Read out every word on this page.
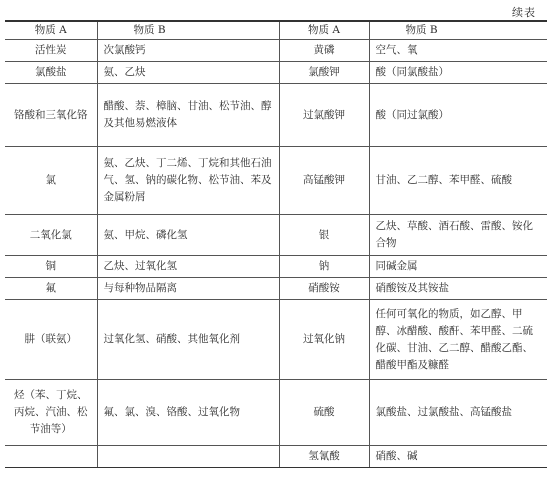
续表
物质 A	物质 B	物质 A	物质 B
活性炭	次氯酸钙	黄磷	空气、氧
氯酸盐	氨、乙炔	氯酸钾	酸（同氯酸盐）
铬酸和三氧化铬	醋酸、萘、樟脑、甘油、松节油、醇及其他易燃液体	过氯酸钾	酸（同过氯酸）
氯	氨、乙炔、丁二烯、丁烷和其他石油气、氢、钠的碳化物、松节油、苯及金属粉屑	高锰酸钾	甘油、乙二醇、苯甲醛、硫酸
二氧化氯	氨、甲烷、磷化氢	银	乙炔、草酸、酒石酸、雷酸、铵化合物
铜	乙炔、过氧化氢	钠	同碱金属
氟	与每种物品隔离	硝酸铵	硝酸铵及其铵盐
肼（联氨）	过氧化氢、硝酸、其他氧化剂	过氧化钠	任何可氧化的物质，如乙醇、甲醇、冰醋酸、酸酐、苯甲醛、二硫化碳、甘油、乙二醇、醋酸乙酯、醋酸甲酯及糠醛
烃（苯、丁烷、丙烷、汽油、松节油等）	氟、氯、溴、铬酸、过氧化物	硫酸	氯酸盐、过氯酸盐、高锰酸盐
		氢氰酸	硝酸、碱
